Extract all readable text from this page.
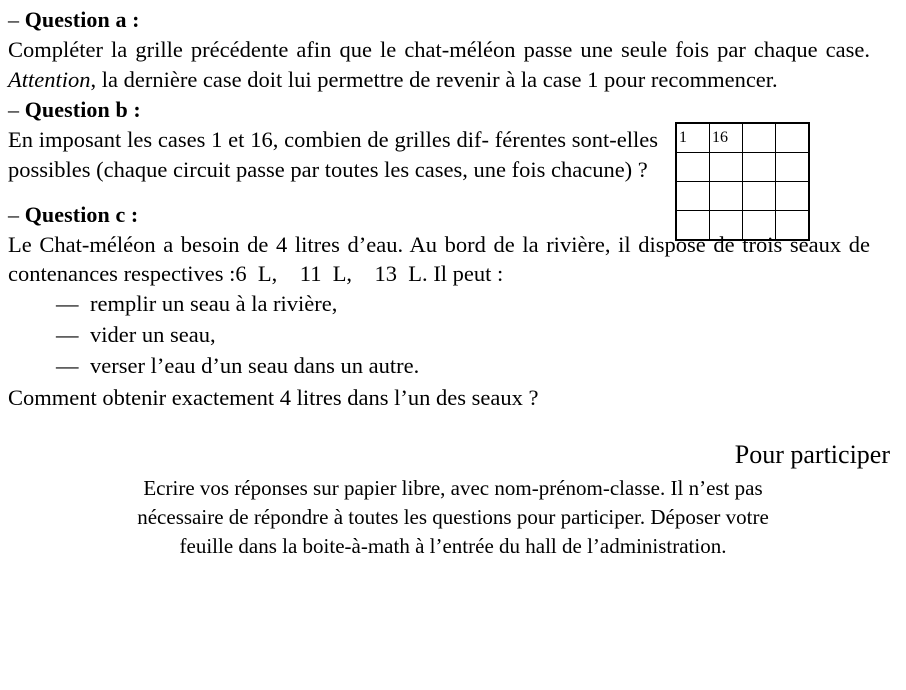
– Question a :

Compléter la grille précédente afin que le chat-méléon passe une seule fois par chaque case. Attention, la dernière case doit lui permettre de revenir à la case 1 pour recommencer.

– Question b :

En imposant les cases 1 et 16, combien de grilles dif- férentes sont-elles possibles (chaque circuit passe par toutes les cases, une fois chacune) ?

1	16		

– Question c :

Le Chat-méléon a besoin de 4 litres d’eau. Au bord de la rivière, il dispose de trois seaux de contenances respectives :6  L,    11  L,    13  L. Il peut :

— remplir un seau à la rivière,
— vider un seau,
— verser l’eau d’un seau dans un autre.

Comment obtenir exactement 4 litres dans l’un des seaux ?

Pour participer
Ecrire vos réponses sur papier libre, avec nom-prénom-classe. Il n’est pas
nécessaire de répondre à toutes les questions pour participer. Déposer votre
feuille dans la boite-à-math à l’entrée du hall de l’administration.
